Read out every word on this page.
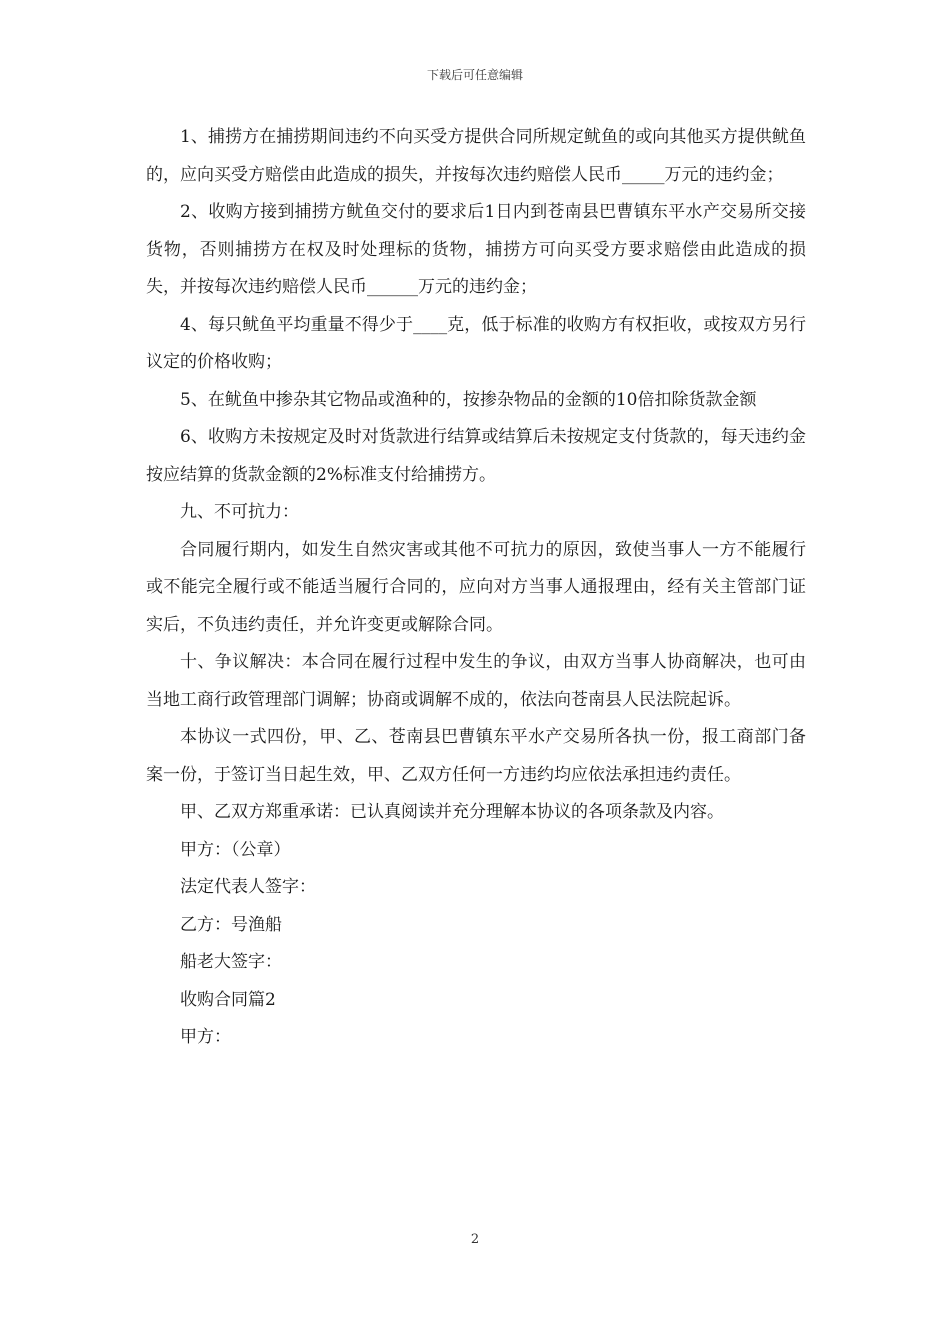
下载后可任意编辑

1、捕捞方在捕捞期间违约不向买受方提供合同所规定鱿鱼的或向其他买方提供鱿鱼的，应向买受方赔偿由此造成的损失，并按每次违约赔偿人民币_____万元的违约金；

2、收购方接到捕捞方鱿鱼交付的要求后1日内到苍南县巴曹镇东平水产交易所交接货物，否则捕捞方在权及时处理标的货物，捕捞方可向买受方要求赔偿由此造成的损失，并按每次违约赔偿人民币______万元的违约金；

4、每只鱿鱼平均重量不得少于____克，低于标准的收购方有权拒收，或按双方另行议定的价格收购；

5、在鱿鱼中掺杂其它物品或渔种的，按掺杂物品的金额的10倍扣除货款金额

6、收购方未按规定及时对货款进行结算或结算后未按规定支付货款的，每天违约金按应结算的货款金额的2%标准支付给捕捞方。

九、不可抗力：

合同履行期内，如发生自然灾害或其他不可抗力的原因，致使当事人一方不能履行或不能完全履行或不能适当履行合同的，应向对方当事人通报理由，经有关主管部门证实后，不负违约责任，并允许变更或解除合同。

十、争议解决：本合同在履行过程中发生的争议，由双方当事人协商解决，也可由当地工商行政管理部门调解；协商或调解不成的，依法向苍南县人民法院起诉。

本协议一式四份，甲、乙、苍南县巴曹镇东平水产交易所各执一份，报工商部门备案一份，于签订当日起生效，甲、乙双方任何一方违约均应依法承担违约责任。

甲、乙双方郑重承诺：已认真阅读并充分理解本协议的各项条款及内容。

甲方：（公章）

法定代表人签字：

乙方：号渔船

船老大签字：

收购合同篇2

甲方：

2
